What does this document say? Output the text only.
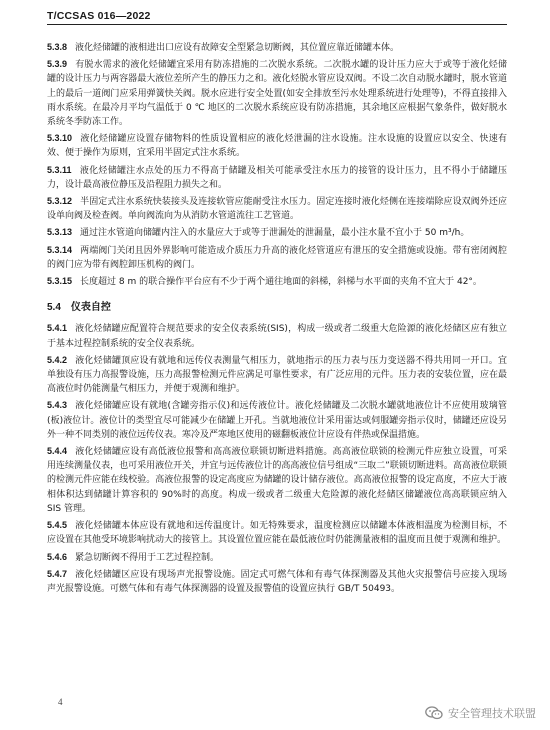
T/CCSAS 016—2022

5.3.8 液化烃储罐的液相进出口应设有故障安全型紧急切断阀，其位置应靠近储罐本体。

5.3.9 有脱水需求的液化烃储罐宜采用有防冻措施的二次脱水系统。二次脱水罐的设计压力应大于或等于液化烃储罐的设计压力与两容器最大液位差所产生的静压力之和。液化烃脱水管应设双阀。不设二次自动脱水罐时，脱水管道上的最后一道阀门应采用弹簧快关阀。脱水应进行安全处置(如安全排放至污水处理系统进行处理等)，不得直接排入雨水系统。在最冷月平均气温低于 0 ℃ 地区的二次脱水系统应设有防冻措施，其余地区应根据气象条件，做好脱水系统冬季防冻工作。

5.3.10 液化烃储罐应设置存储物料的性质设置相应的液化烃泄漏的注水设施。注水设施的设置应以安全、快速有效、便于操作为原则，宜采用半固定式注水系统。

5.3.11 液化烃储罐注水点处的压力不得高于储罐及相关可能承受注水压力的接管的设计压力，且不得小于储罐压力，设计最高液位静压及沿程阻力损失之和。

5.3.12 半固定式注水系统快装接头及连接软管应能耐受注水压力。固定连接时液化烃侧在连接端除应设双阀外还应设单向阀及检查阀。单向阀流向为从消防水管道流往工艺管道。

5.3.13 通过注水管道向储罐内注入的水量应大于或等于泄漏处的泄漏量，最小注水量不宜小于 50 m³/h。

5.3.14 两端阀门关闭且因外界影响可能造成介质压力升高的液化烃管道应有泄压的安全措施或设施。带有密闭阀腔的阀门应为带有阀腔卸压机构的阀门。

5.3.15 长度超过 8 m 的联合操作平台应有不少于两个通往地面的斜梯，斜梯与水平面的夹角不宜大于 42°。

5.4 仪表自控

5.4.1 液化烃储罐应配置符合规范要求的安全仪表系统(SIS)，构成一级或者二级重大危险源的液化烃储区应有独立于基本过程控制系统的安全仪表系统。

5.4.2 液化烃储罐顶应设有就地和远传仪表测量气相压力，就地指示的压力表与压力变送器不得共用同一开口。宜单独设有压力高报警设施，压力高报警检测元件应满足可靠性要求，有广泛应用的元件。压力表的安装位置，应在最高液位时仍能测量气相压力，并便于观测和维护。

5.4.3 液化烃储罐应设有就地(含罐旁指示仪)和远传液位计。液化烃储罐及二次脱水罐就地液位计不应使用玻璃管(板)液位计。液位计的类型宜尽可能减少在储罐上开孔。当就地液位计采用雷达或伺服罐旁指示仪时，储罐还应设另外一种不同类别的液位远传仪表。寒冷及严寒地区使用的磁翻板液位计应设有伴热或保温措施。

5.4.4 液化烃储罐应设有高低液位报警和高高液位联锁切断进料措施。高高液位联锁的检测元件应独立设置，可采用连续测量仪表，也可采用液位开关，并宜与远传液位计的高高液位信号组成“三取二”联锁切断进料。高高液位联锁的检测元件应能在线校验。高液位报警的设定高度应为储罐的设计储存液位。高高液位报警的设定高度，不应大于液相体积达到储罐计算容积的 90%时的高度。构成一级或者二级重大危险源的液化烃储区储罐液位高高联锁应纳入 SIS 管理。

5.4.5 液化烃储罐本体应设有就地和远传温度计。如无特殊要求，温度检测应以储罐本体液相温度为检测目标，不应设置在其他受环境影响扰动大的接管上。其设置位置应能在最低液位时仍能测量液相的温度而且便于观测和维护。

5.4.6 紧急切断阀不得用于工艺过程控制。

5.4.7 液化烃储罐区应设有现场声光报警设施。固定式可燃气体和有毒气体探测器及其他火灾报警信号应接入现场声光报警设施。可燃气体和有毒气体探测器的设置及报警值的设置应执行 GB/T 50493。

4
安全管理技术联盟
